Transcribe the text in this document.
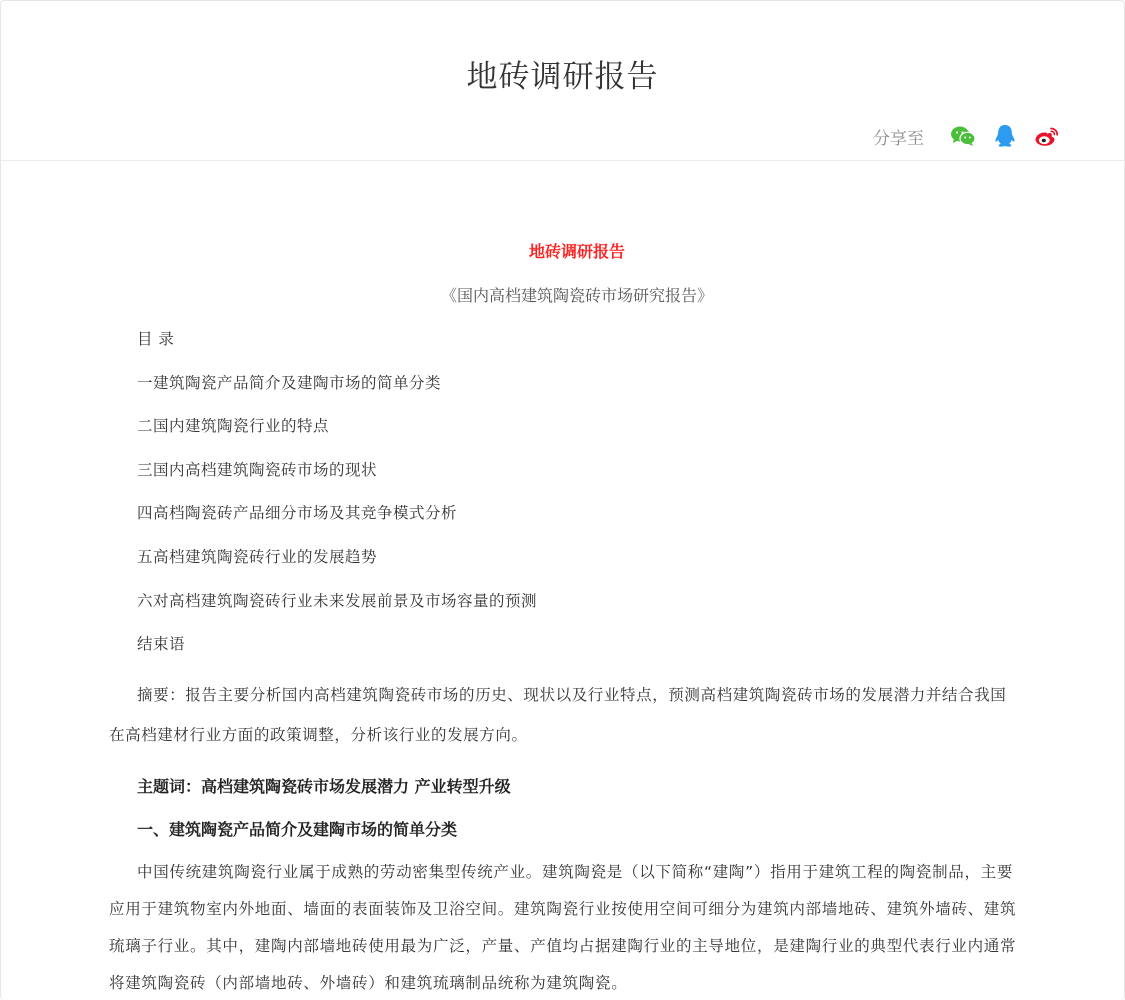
地砖调研报告
分享至
地砖调研报告
《国内高档建筑陶瓷砖市场研究报告》
目 录
一建筑陶瓷产品简介及建陶市场的简单分类
二国内建筑陶瓷行业的特点
三国内高档建筑陶瓷砖市场的现状
四高档陶瓷砖产品细分市场及其竞争模式分析
五高档建筑陶瓷砖行业的发展趋势
六对高档建筑陶瓷砖行业未来发展前景及市场容量的预测
结束语
摘要：报告主要分析国内高档建筑陶瓷砖市场的历史、现状以及行业特点，预测高档建筑陶瓷砖市场的发展潜力并结合我国在高档建材行业方面的政策调整，分析该行业的发展方向。
主题词：高档建筑陶瓷砖市场发展潜力 产业转型升级
一、建筑陶瓷产品简介及建陶市场的简单分类
中国传统建筑陶瓷行业属于成熟的劳动密集型传统产业。建筑陶瓷是（以下简称“建陶”）指用于建筑工程的陶瓷制品，主要应用于建筑物室内外地面、墙面的表面装饰及卫浴空间。建筑陶瓷行业按使用空间可细分为建筑内部墙地砖、建筑外墙砖、建筑琉璃子行业。其中，建陶内部墙地砖使用最为广泛，产量、产值均占据建陶行业的主导地位，是建陶行业的典型代表行业内通常将建筑陶瓷砖（内部墙地砖、外墙砖）和建筑琉璃制品统称为建筑陶瓷。
